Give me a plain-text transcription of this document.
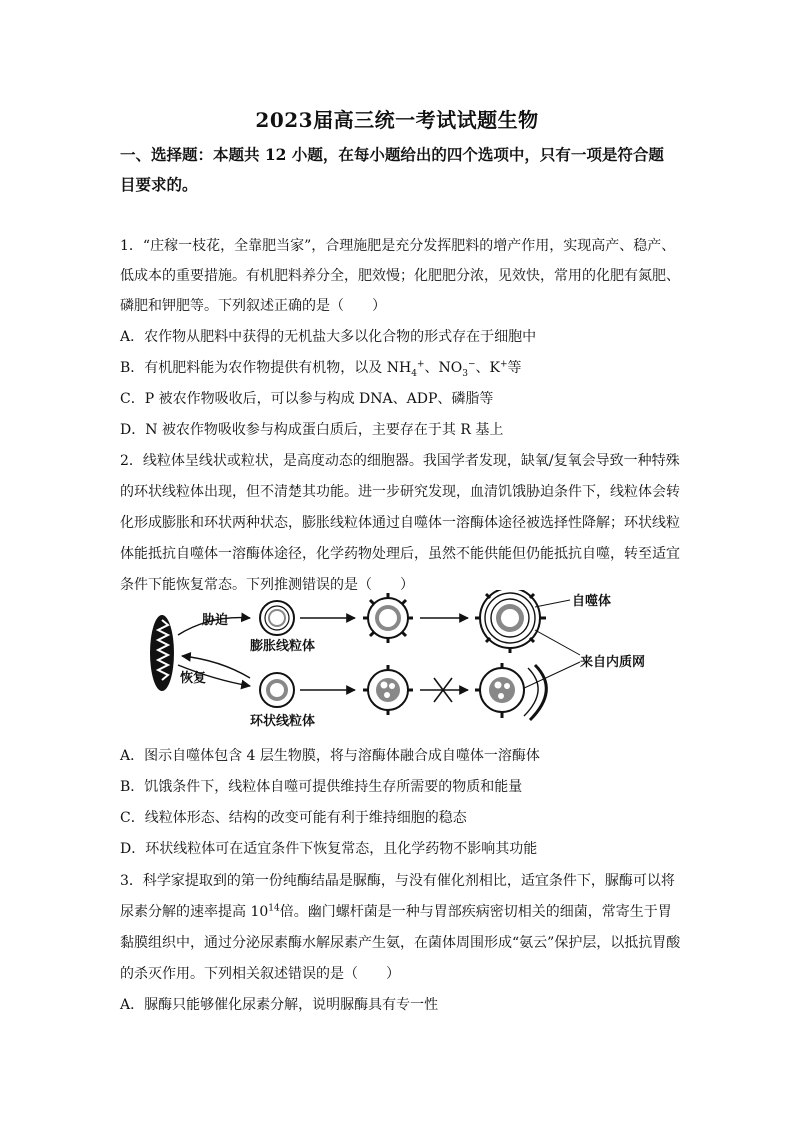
2023届高三统一考试试题生物
一、选择题：本题共 12 小题，在每小题给出的四个选项中，只有一项是符合题
目要求的。
1．“庄稼一枝花，全靠肥当家”，合理施肥是充分发挥肥料的增产作用，实现高产、稳产、
低成本的重要措施。有机肥料养分全，肥效慢；化肥肥分浓，见效快，常用的化肥有氮肥、
磷肥和钾肥等。下列叙述正确的是（　　）
A．农作物从肥料中获得的无机盐大多以化合物的形式存在于细胞中
B．有机肥料能为农作物提供有机物，以及 $NH_4^+$、$NO_3^-$、K+等
C．P 被农作物吸收后，可以参与构成 DNA、ADP、磷脂等
D．N 被农作物吸收参与构成蛋白质后，主要存在于其 R 基上
2．线粒体呈线状或粒状，是高度动态的细胞器。我国学者发现，缺氧/复氧会导致一种特殊
的环状线粒体出现，但不清楚其功能。进一步研究发现，血清饥饿胁迫条件下，线粒体会转
化形成膨胀和环状两种状态，膨胀线粒体通过自噬体一溶酶体途径被选择性降解；环状线粒
体能抵抗自噬体一溶酶体途径，化学药物处理后，虽然不能供能但仍能抵抗自噬，转至适宜
条件下能恢复常态。下列推测错误的是（　　）
胁迫
恢复
膨胀线粒体
自噬体
来自内质网
环状线粒体
A．图示自噬体包含 4 层生物膜，将与溶酶体融合成自噬体一溶酶体
B．饥饿条件下，线粒体自噬可提供维持生存所需要的物质和能量
C．线粒体形态、结构的改变可能有利于维持细胞的稳态
D．环状线粒体可在适宜条件下恢复常态，且化学药物不影响其功能
3．科学家提取到的第一份纯酶结晶是脲酶，与没有催化剂相比，适宜条件下，脲酶可以将
尿素分解的速率提高 $10^{14}$倍。幽门螺杆菌是一种与胃部疾病密切相关的细菌，常寄生于胃
黏膜组织中，通过分泌尿素酶水解尿素产生氨，在菌体周围形成“氨云”保护层，以抵抗胃酸
的杀灭作用。下列相关叙述错误的是（　　）
A．脲酶只能够催化尿素分解，说明脲酶具有专一性
